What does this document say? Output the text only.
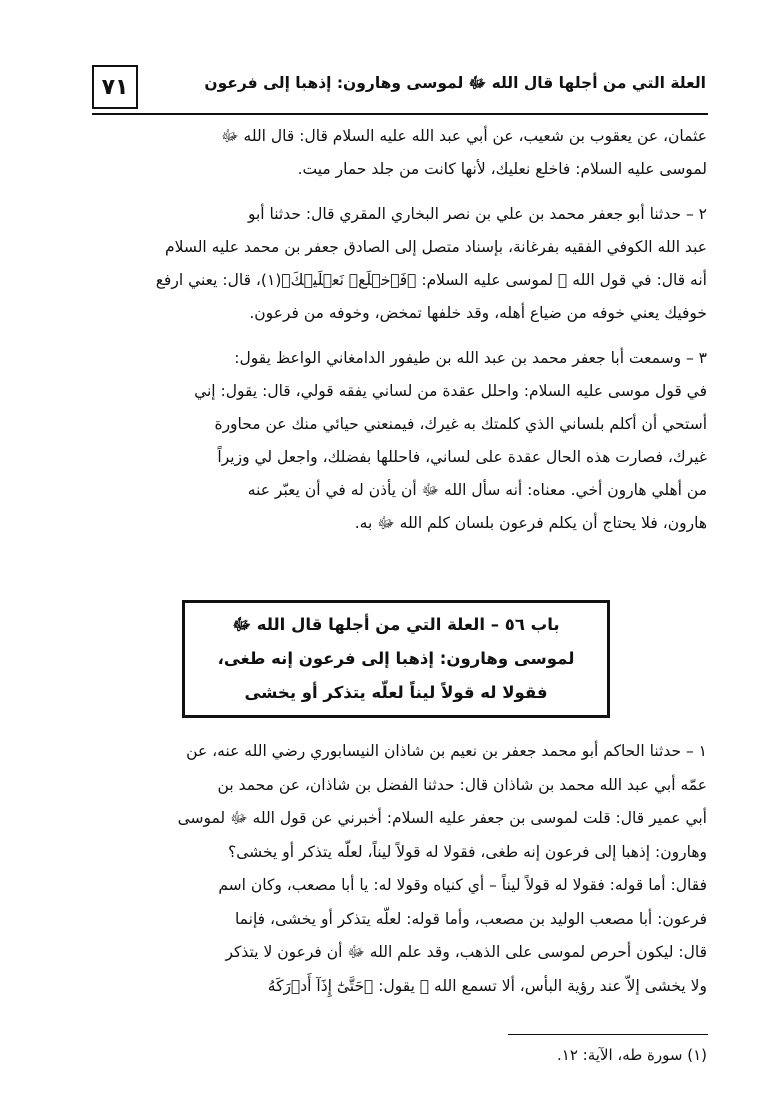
٧١	العلة التي من أجلها قال الله ﷻ لموسى وهارون: إذهبا إلى فرعون

عثمان، عن يعقوب بن شعيب، عن أبي عبد الله عليه السلام قال: قال الله ﷻ
لموسى عليه السلام: فاخلع نعليك، لأنها كانت من جلد حمار ميت.

٢ – حدثنا أبو جعفر محمد بن علي بن نصر البخاري المقري قال: حدثنا أبو
عبد الله الكوفي الفقيه بفرغانة، بإسناد متصل إلى الصادق جعفر بن محمد عليه السلام
أنه قال: في قول الله ﷻ لموسى عليه السلام: ﴿فَٱخۡلَعۡ نَعۡلَيۡكَ﴾(١)، قال: يعني ارفع
خوفيك يعني خوفه من ضياع أهله، وقد خلفها تمخض، وخوفه من فرعون.

٣ – وسمعت أبا جعفر محمد بن عبد الله بن طيفور الدامغاني الواعظ يقول:
في قول موسى عليه السلام: واحلل عقدة من لساني يفقه قولي، قال: يقول: إني
أستحي أن أكلم بلساني الذي كلمتك به غيرك، فيمنعني حيائي منك عن محاورة
غيرك، فصارت هذه الحال عقدة على لساني، فاحللها بفضلك، واجعل لي وزيراً
من أهلي هارون أخي. معناه: أنه سأل الله ﷻ أن يأذن له في أن يعبّر عنه
هارون، فلا يحتاج أن يكلم فرعون بلسان كلم الله ﷻ به.

باب ٥٦ – العلة التي من أجلها قال الله ﷻ
لموسى وهارون: إذهبا إلى فرعون إنه طغى،
فقولا له قولاً ليناً لعلّه يتذكر أو يخشى

١ – حدثنا الحاكم أبو محمد جعفر بن نعيم بن شاذان النيسابوري رضي الله عنه، عن
عمّه أبي عبد الله محمد بن شاذان قال: حدثنا الفضل بن شاذان، عن محمد بن
أبي عمير قال: قلت لموسى بن جعفر عليه السلام: أخبرني عن قول الله ﷻ لموسى
وهارون: إذهبا إلى فرعون إنه طغى، فقولا له قولاً ليناً، لعلّه يتذكر أو يخشى؟
فقال: أما قوله: فقولا له قولاً ليناً – أي كنياه وقولا له: يا أبا مصعب، وكان اسم
فرعون: أبا مصعب الوليد بن مصعب، وأما قوله: لعلّه يتذكر أو يخشى، فإنما
قال: ليكون أحرص لموسى على الذهب، وقد علم الله ﷻ أن فرعون لا يتذكر
ولا يخشى إلاّ عند رؤية البأس، ألا تسمع الله ﷻ يقول: ﴿حَتَّىٰٓ إِذَآ أَدۡرَكَهُ

(١) سورة طه، الآية: ١٢.
